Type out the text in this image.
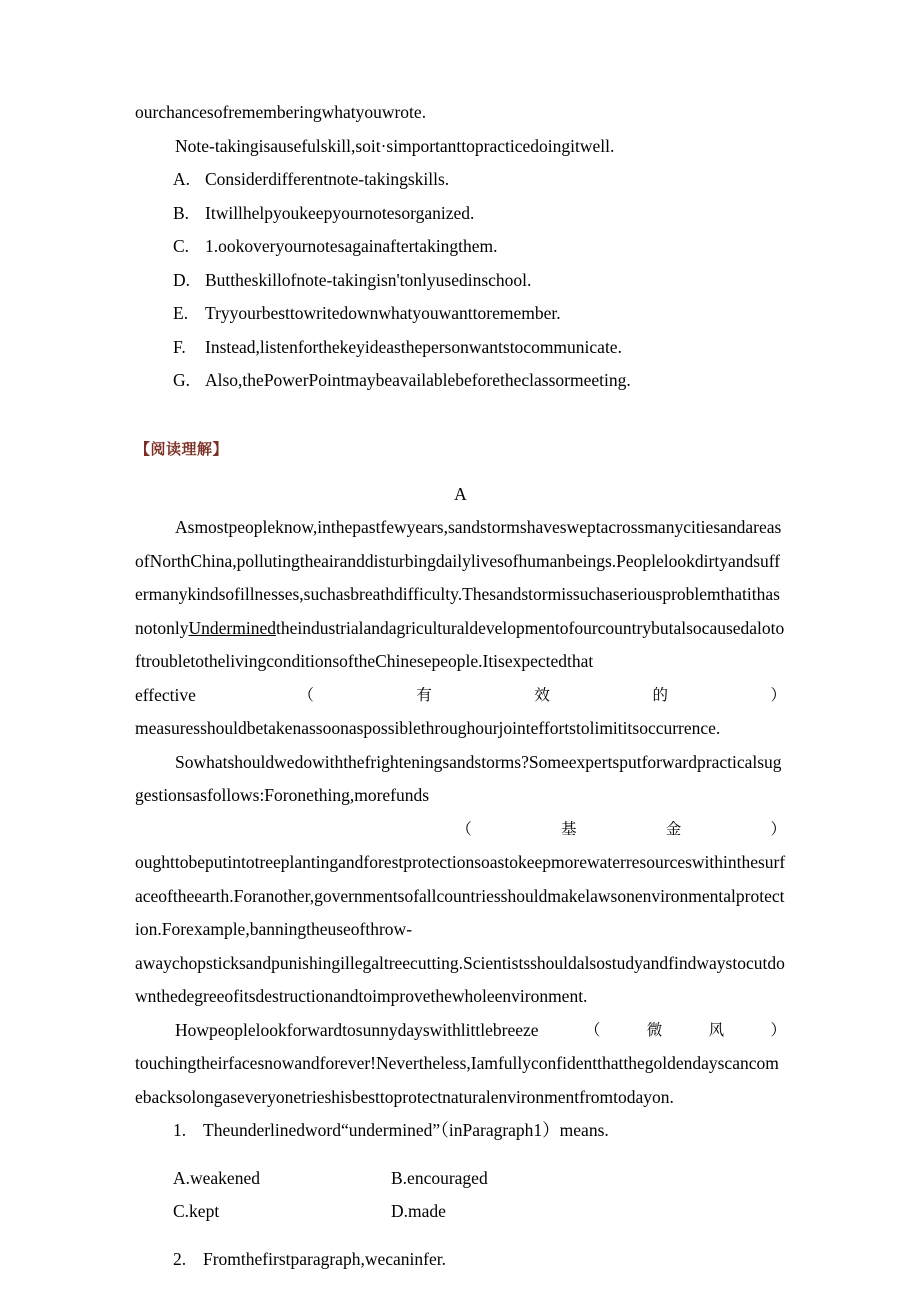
ourchancesofrememberingwhatyouwrote.
Note-takingisausefulskill,soit·simportanttopracticedoingitwell.
A. Considerdifferentnote-takingskills.
B. Itwillhelpyoukeepyournotesorganized.
C. 1.ookoveryournotesagainaftertakingthem.
D. Buttheskillofnote-takingisn'tonlyusedinschool.
E. Tryyourbesttowritedownwhatyouwanttoremember.
F.	Instead,listenforthekeyideasthepersonwantstocommunicate.
G. Also,thePowerPointmaybeavailablebeforetheclassormeeting.
【阅读理解】
A

Asmostpeopleknow,inthepastfewyears,sandstormshavesweptacrossmanycitiesandareasofNorthChina,pollutingtheairanddisturbingdailylivesofhumanbeings.Peoplelookdirtyandsuffermanykindsofillnesses,suchasbreathdifficulty.ThesandstormissuchaseriousproblemthatithasnotonlyUnderminedtheindustrialandagriculturaldevelopmentofourcountrybutalsocausedalotoftroubletothelivingconditionsoftheChinesepeople.Itisexpectedthat

effective	（	有	效	的	）

measuresshouldbetakenassoonaspossiblethroughourjointeffortstolimititsoccurrence.

Sowhatshouldwedowiththefrighteningsandstorms?Someexpertsputforwardpracticalsuggestionsasfollows:Foronething,morefunds

（	基	金	）

oughttobeputintotreeplantingandforestprotectionsoastokeepmorewaterresourceswithinthesurfaceoftheearth.Foranother,governmentsofallcountriesshouldmakelawsonenvironmentalprotection.Forexample,banningtheuseofthrow-

awaychopsticksandpunishingillegaltreecutting.Scientistsshouldalsostudyandfindwaystocutdownthedegreeofitsdestructionandtoimprovethewholeenvironment.

Howpeoplelookforwardtosunnydayswithlittlebreeze	（	微	风	）

touchingtheirfacesnowandforever!Nevertheless,Iamfullyconfidentthatthegoldendayscancomebacksolongaseveryonetrieshisbesttoprotectnaturalenvironmentfromtodayon.

1. Theunderlinedword“undermined”（inParagraph1）means.
A.weakened	B.encouraged
C.kept	D.made
2. Fromthefirstparagraph,wecaninfer.
